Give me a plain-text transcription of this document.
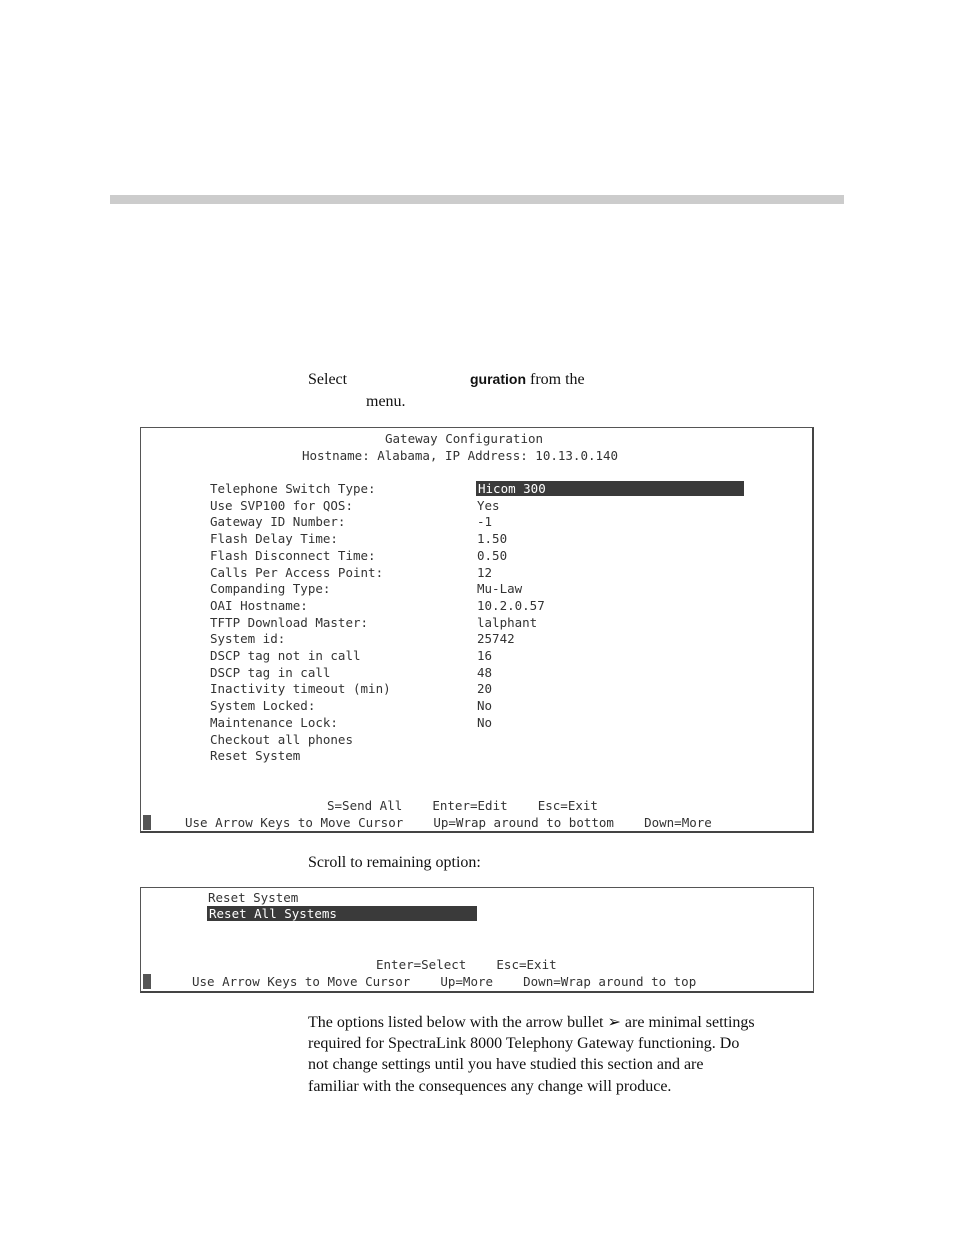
Select	guration from the
menu.
Gateway Configuration
Hostname: Alabama, IP Address: 10.13.0.140
Telephone Switch Type:	Hicom 300
Use SVP100 for QOS:	Yes
Gateway ID Number:	-1
Flash Delay Time:	1.50
Flash Disconnect Time:	0.50
Calls Per Access Point:	12
Companding Type:	Mu-Law
OAI Hostname:	10.2.0.57
TFTP Download Master:	lalphant
System id:	25742
DSCP tag not in call	16
DSCP tag in call	48
Inactivity timeout (min)	20
System Locked:	No
Maintenance Lock:	No
Checkout all phones
Reset System
S=Send All    Enter=Edit    Esc=Exit
Use Arrow Keys to Move Cursor    Up=Wrap around to bottom    Down=More
Scroll to remaining option:
Reset System
Reset All Systems
Enter=Select    Esc=Exit
Use Arrow Keys to Move Cursor    Up=More    Down=Wrap around to top
The options listed below with the arrow bullet ➢ are minimal settings
required for SpectraLink 8000 Telephony Gateway functioning. Do
not change settings until you have studied this section and are
familiar with the consequences any change will produce.
